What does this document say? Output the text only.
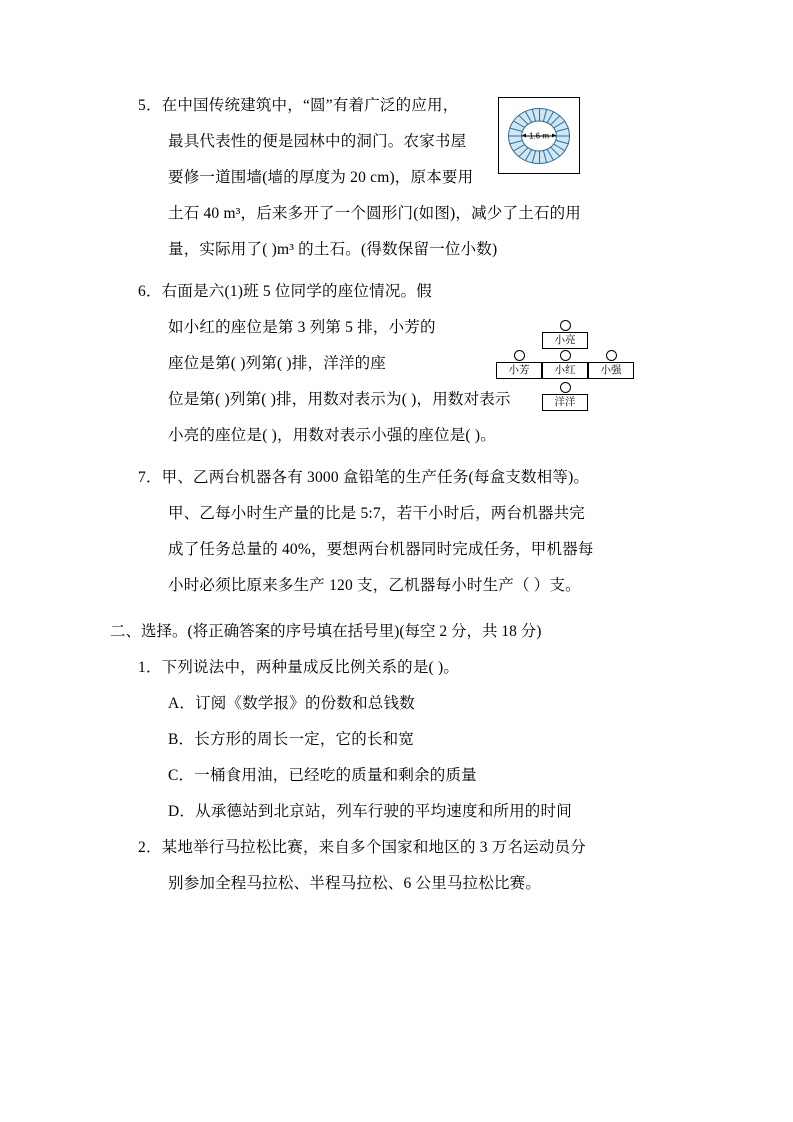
1.6 m
小亮
小芳	小红	小强
洋洋
5．在中国传统建筑中，“圆”有着广泛的应用，
最具代表性的便是园林中的洞门。农家书屋
要修一道围墙(墙的厚度为 20 cm)，原本要用
土石 40 m³，后来多开了一个圆形门(如图)，减少了土石的用
量，实际用了( )m³ 的土石。(得数保留一位小数)
6．右面是六(1)班 5 位同学的座位情况。假
如小红的座位是第 3 列第 5 排，小芳的
座位是第( )列第( )排，洋洋的座
位是第( )列第( )排，用数对表示为( )，用数对表示
小亮的座位是( )，用数对表示小强的座位是( )。
7．甲、乙两台机器各有 3000 盒铅笔的生产任务(每盒支数相等)。
甲、乙每小时生产量的比是 5:7，若干小时后，两台机器共完
成了任务总量的 40%，要想两台机器同时完成任务，甲机器每
小时必须比原来多生产 120 支，乙机器每小时生产（ ）支。
二、选择。(将正确答案的序号填在括号里)(每空 2 分，共 18 分)
1．下列说法中，两种量成反比例关系的是( )。
A．订阅《数学报》的份数和总钱数
B．长方形的周长一定，它的长和宽
C．一桶食用油，已经吃的质量和剩余的质量
D．从承德站到北京站，列车行驶的平均速度和所用的时间
2．某地举行马拉松比赛，来自多个国家和地区的 3 万名运动员分
别参加全程马拉松、半程马拉松、6 公里马拉松比赛。
